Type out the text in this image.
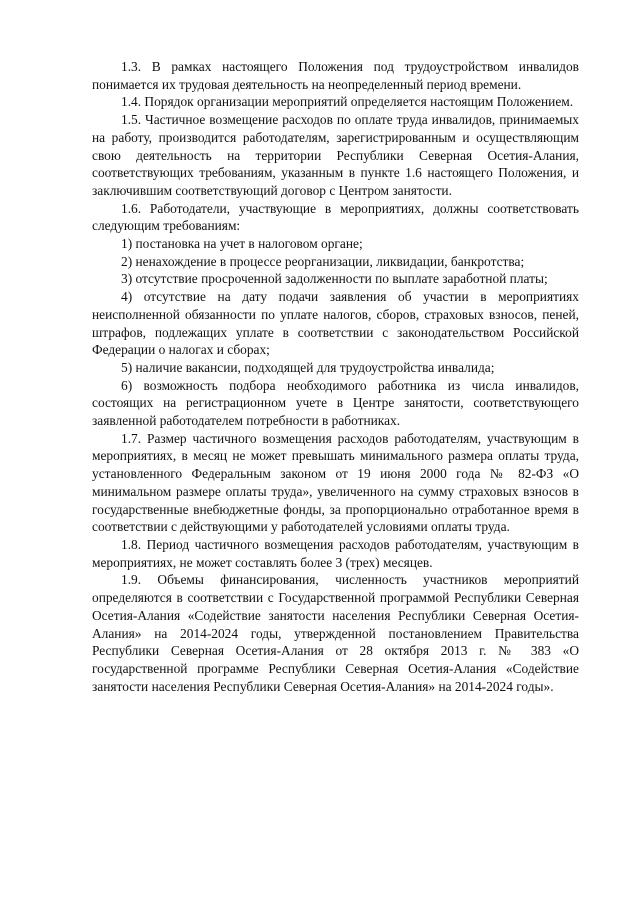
1.3. В рамках настоящего Положения под трудоустройством инвалидов понимается их трудовая деятельность на неопределенный период времени.

1.4. Порядок организации мероприятий определяется настоящим Положением.

1.5. Частичное возмещение расходов по оплате труда инвалидов, принимаемых на работу, производится работодателям, зарегистрированным и осуществляющим свою деятельность на территории Республики Северная Осетия-Алания, соответствующих требованиям, указанным в пункте 1.6 настоящего Положения, и заключившим соответствующий договор с Центром занятости.

1.6. Работодатели, участвующие в мероприятиях, должны соответствовать следующим требованиям:

1) постановка на учет в налоговом органе;

2) ненахождение в процессе реорганизации, ликвидации, банкротства;

3) отсутствие просроченной задолженности по выплате заработной платы;

4) отсутствие на дату подачи заявления об участии в мероприятиях неисполненной обязанности по уплате налогов, сборов, страховых взносов, пеней, штрафов, подлежащих уплате в соответствии с законодательством Российской Федерации о налогах и сборах;

5) наличие вакансии, подходящей для трудоустройства инвалида;

6) возможность подбора необходимого работника из числа инвалидов, состоящих на регистрационном учете в Центре занятости, соответствующего заявленной работодателем потребности в работниках.

1.7. Размер частичного возмещения расходов работодателям, участвующим в мероприятиях, в месяц не может превышать минимального размера оплаты труда, установленного Федеральным законом от 19 июня 2000 года № 82-ФЗ «О минимальном размере оплаты труда», увеличенного на сумму страховых взносов в государственные внебюджетные фонды, за пропорционально отработанное время в соответствии с действующими у работодателей условиями оплаты труда.

1.8. Период частичного возмещения расходов работодателям, участвующим в мероприятиях, не может составлять более 3 (трех) месяцев.

1.9. Объемы финансирования, численность участников мероприятий определяются в соответствии с Государственной программой Республики Северная Осетия-Алания «Содействие занятости населения Республики Северная Осетия-Алания» на 2014-2024 годы, утвержденной постановлением Правительства Республики Северная Осетия-Алания от 28 октября 2013 г. № 383 «О государственной программе Республики Северная Осетия-Алания «Содействие занятости населения Республики Северная Осетия-Алания» на 2014-2024 годы».
